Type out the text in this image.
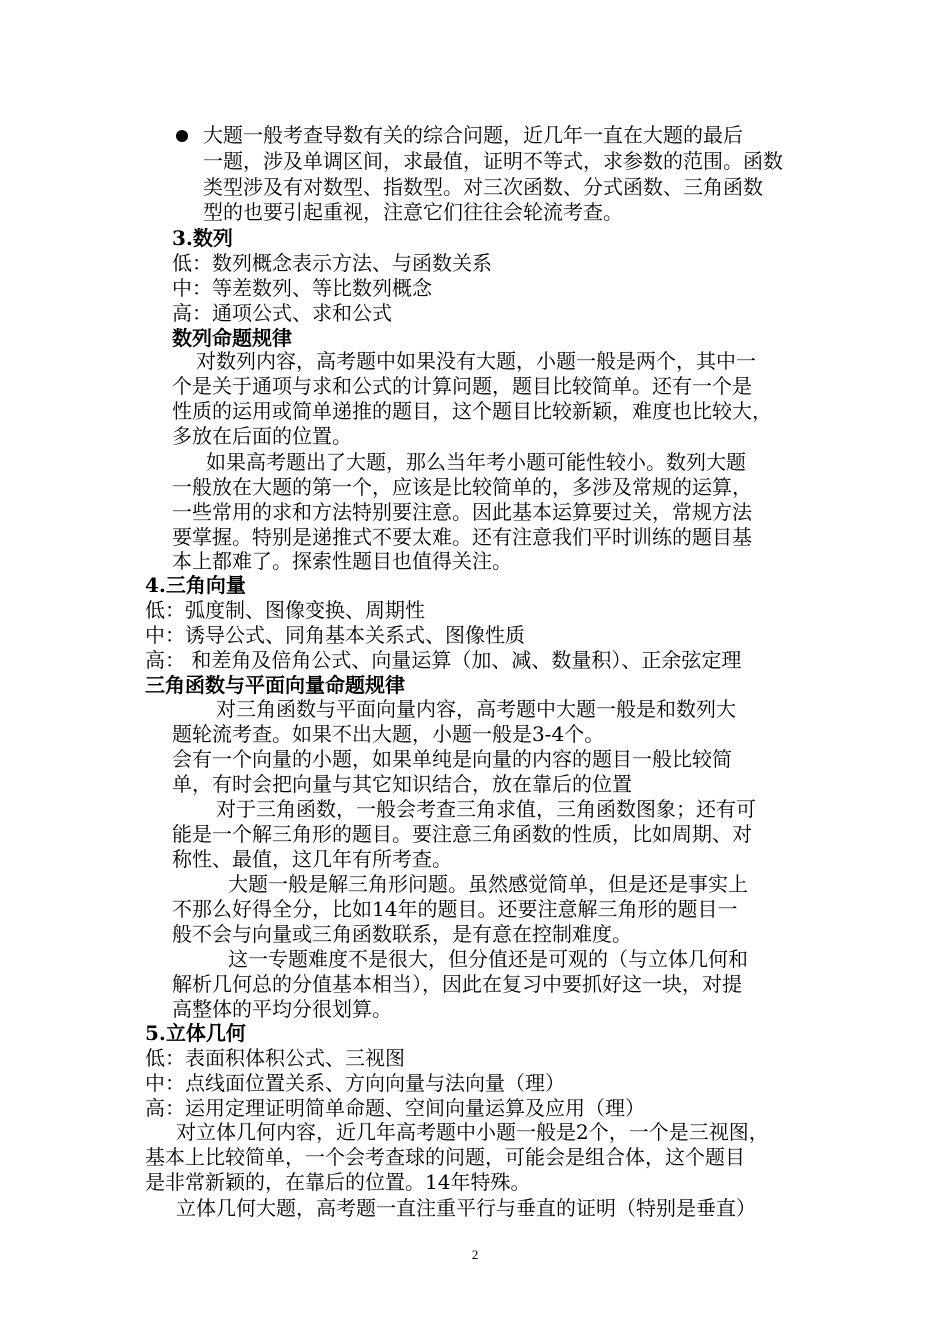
大题一般考查导数有关的综合问题，近几年一直在大题的最后
一题，涉及单调区间，求最值，证明不等式，求参数的范围。函数
类型涉及有对数型、指数型。对三次函数、分式函数、三角函数
型的也要引起重视，注意它们往往会轮流考查。
3.数列
低：数列概念表示方法、与函数关系
中：等差数列、等比数列概念
高：通项公式、求和公式
数列命题规律
对数列内容，高考题中如果没有大题，小题一般是两个，其中一
个是关于通项与求和公式的计算问题，题目比较简单。还有一个是
性质的运用或简单递推的题目，这个题目比较新颖，难度也比较大，
多放在后面的位置。
如果高考题出了大题，那么当年考小题可能性较小。数列大题
一般放在大题的第一个，应该是比较简单的，多涉及常规的运算，
一些常用的求和方法特别要注意。因此基本运算要过关，常规方法
要掌握。特别是递推式不要太难。还有注意我们平时训练的题目基
本上都难了。探索性题目也值得关注。
4.三角向量
低：弧度制、图像变换、周期性
中：诱导公式、同角基本关系式、图像性质
高： 和差角及倍角公式、向量运算（加、减、数量积）、正余弦定理
三角函数与平面向量命题规律
对三角函数与平面向量内容，高考题中大题一般是和数列大
题轮流考查。如果不出大题，小题一般是3-4个。
会有一个向量的小题，如果单纯是向量的内容的题目一般比较简
单，有时会把向量与其它知识结合，放在靠后的位置
对于三角函数，一般会考查三角求值，三角函数图象；还有可
能是一个解三角形的题目。要注意三角函数的性质，比如周期、对
称性、最值，这几年有所考查。
大题一般是解三角形问题。虽然感觉简单，但是还是事实上
不那么好得全分，比如14年的题目。还要注意解三角形的题目一
般不会与向量或三角函数联系，是有意在控制难度。
这一专题难度不是很大，但分值还是可观的（与立体几何和
解析几何总的分值基本相当），因此在复习中要抓好这一块，对提
高整体的平均分很划算。
5.立体几何
低：表面积体积公式、三视图
中：点线面位置关系、方向向量与法向量（理）
高：运用定理证明简单命题、空间向量运算及应用（理）
对立体几何内容，近几年高考题中小题一般是2个，一个是三视图，
基本上比较简单，一个会考查球的问题，可能会是组合体，这个题目
是非常新颖的，在靠后的位置。14年特殊。
立体几何大题，高考题一直注重平行与垂直的证明（特别是垂直）
2
